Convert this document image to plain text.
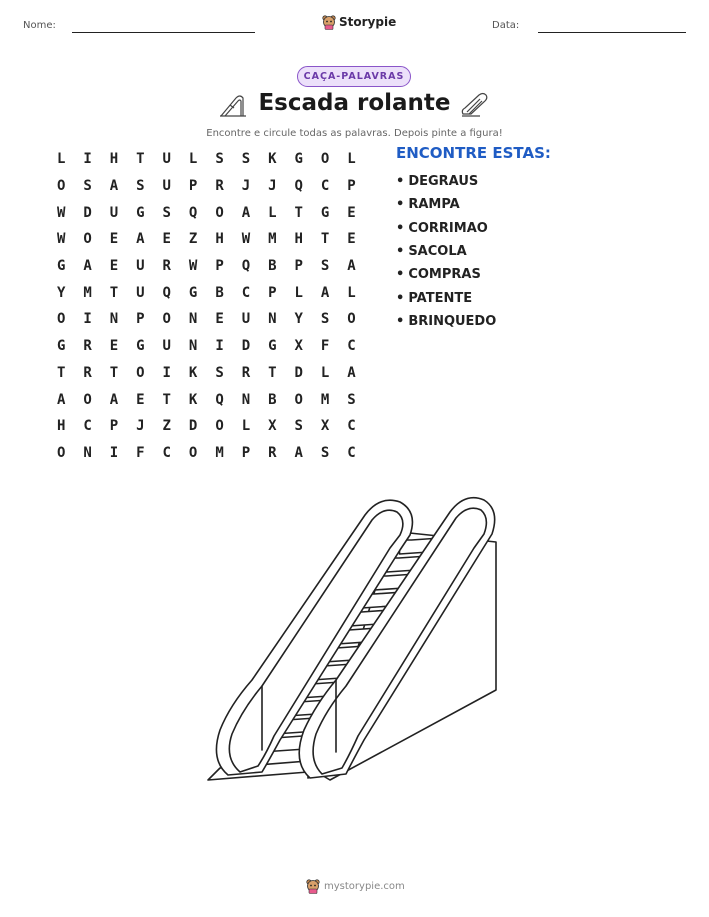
Nome:	Storypie	Data:
CAÇA-PALAVRAS
Escada rolante
Encontre e circule todas as palavras. Depois pinte a figura!
L	I	H	T	U	L	S	S	K	G	O	L
O	S	A	S	U	P	R	J	J	Q	C	P
W	D	U	G	S	Q	O	A	L	T	G	E
W	O	E	A	E	Z	H	W	M	H	T	E
G	A	E	U	R	W	P	Q	B	P	S	A
Y	M	T	U	Q	G	B	C	P	L	A	L
O	I	N	P	O	N	E	U	N	Y	S	O
G	R	E	G	U	N	I	D	G	X	F	C
T	R	T	O	I	K	S	R	T	D	L	A
A	O	A	E	T	K	Q	N	B	O	M	S
H	C	P	J	Z	D	O	L	X	S	X	C
O	N	I	F	C	O	M	P	R	A	S	C
ENCONTRE ESTAS:
• DEGRAUS
• RAMPA
• CORRIMAO
• SACOLA
• COMPRAS
• PATENTE
• BRINQUEDO
mystorypie.com
